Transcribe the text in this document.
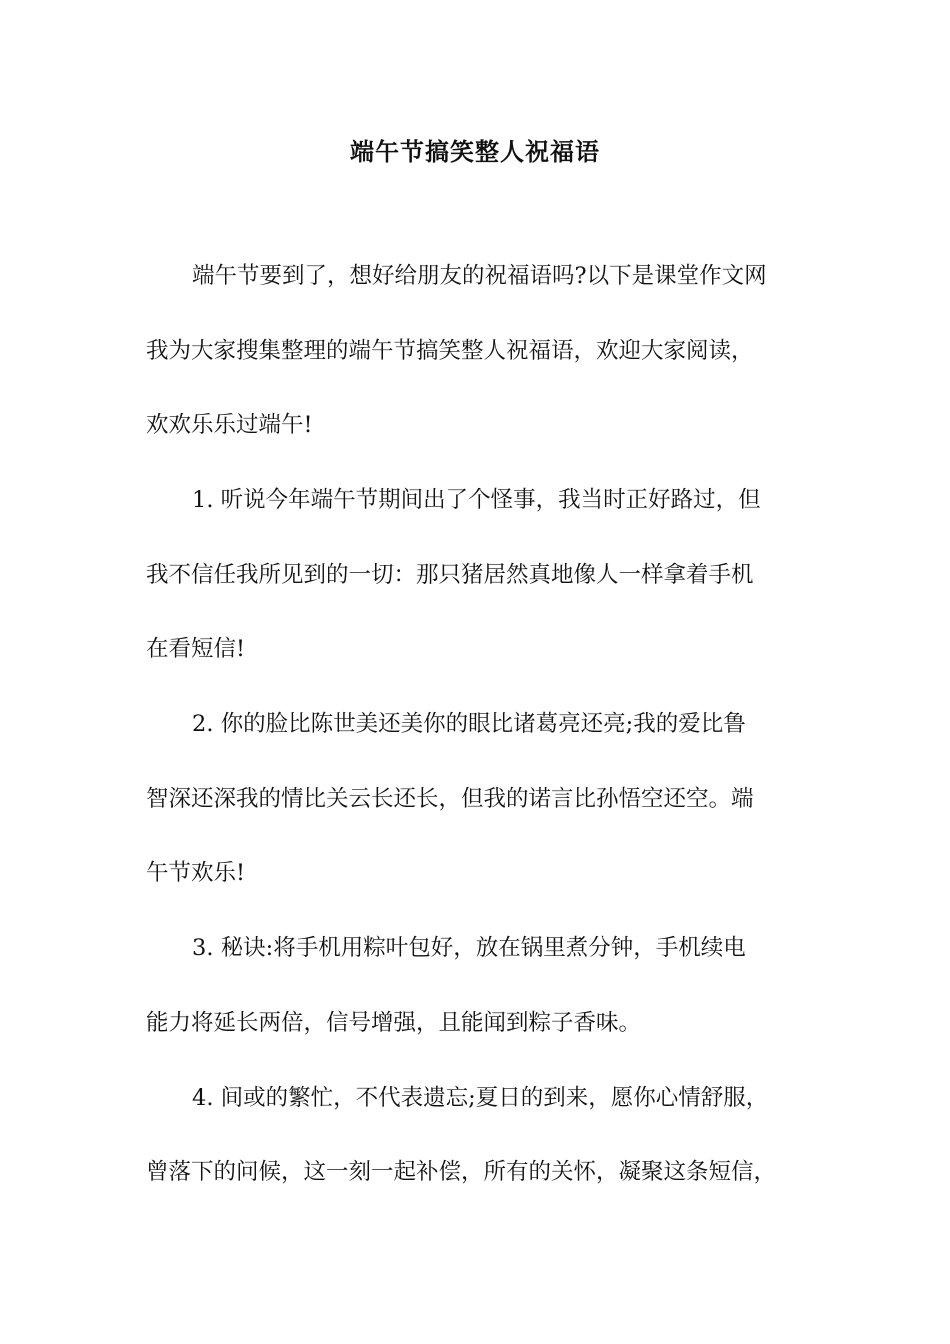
端午节搞笑整人祝福语
端午节要到了，想好给朋友的祝福语吗?以下是课堂作文网
我为大家搜集整理的端午节搞笑整人祝福语，欢迎大家阅读，
欢欢乐乐过端午!
1. 听说今年端午节期间出了个怪事，我当时正好路过，但
我不信任我所见到的一切：那只猪居然真地像人一样拿着手机
在看短信!
2. 你的脸比陈世美还美你的眼比诸葛亮还亮;我的爱比鲁
智深还深我的情比关云长还长，但我的诺言比孙悟空还空。端
午节欢乐!
3. 秘诀:将手机用粽叶包好，放在锅里煮分钟，手机续电
能力将延长两倍，信号增强，且能闻到粽子香味。
4. 间或的繁忙，不代表遗忘;夏日的到来，愿你心情舒服，
曾落下的问候，这一刻一起补偿，所有的关怀，凝聚这条短信，
